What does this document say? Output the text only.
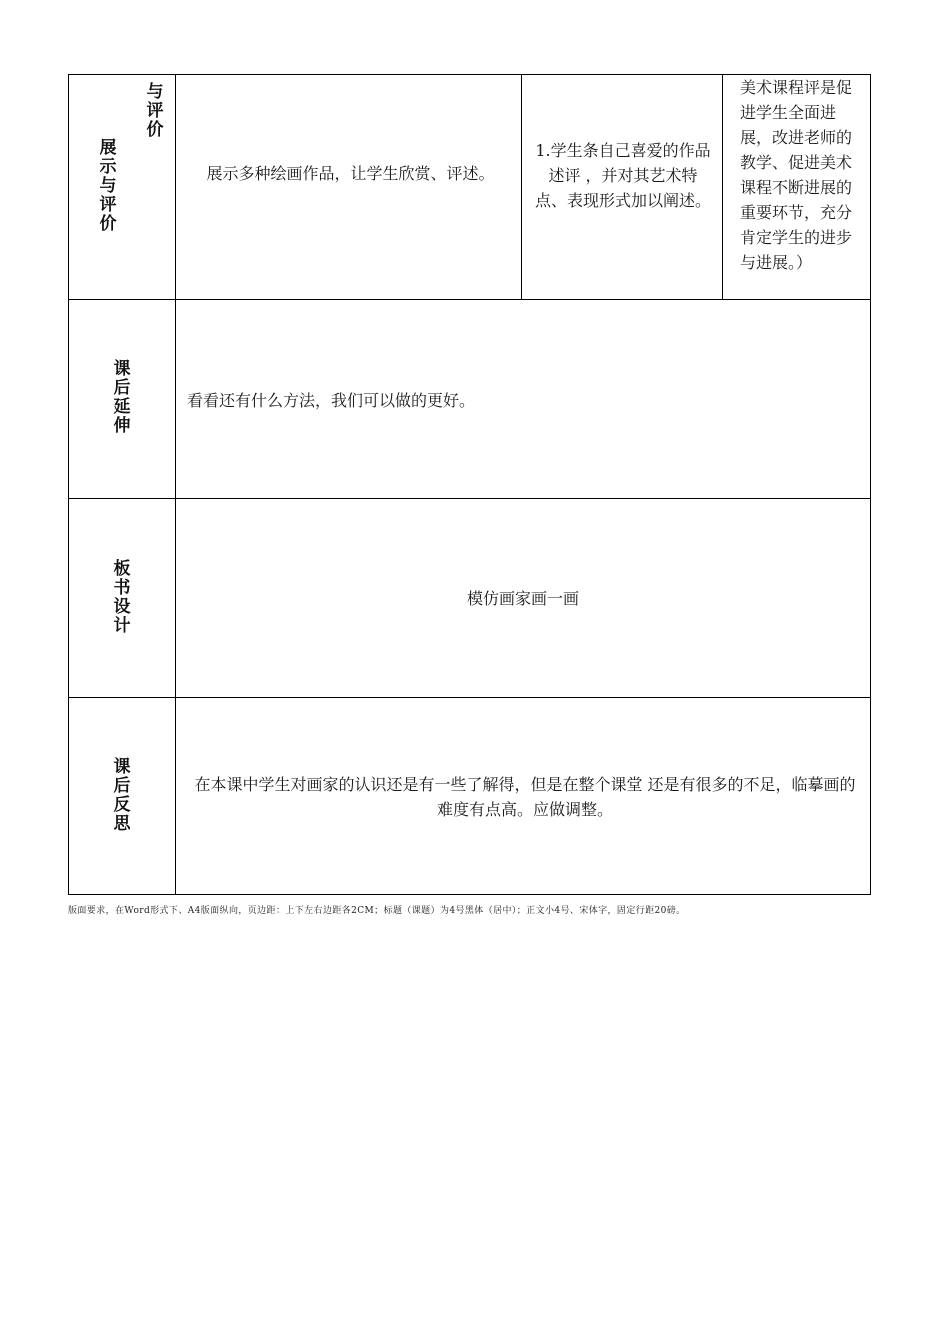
与评价
展示与评价
展示多种绘画作品，让学生欣赏、评述。
1.学生条自己喜爱的作品述评 ，并对其艺术特点、表现形式加以阐述。
美术课程评是促进学生全面进展，改进老师的教学、促进美术课程不断进展的重要环节，充分肯定学生的进步与进展。）
课后延伸
看看还有什么方法，我们可以做的更好。
板书设计
模仿画家画一画
课后反思
在本课中学生对画家的认识还是有一些了解得，但是在整个课堂 还是有很多的不足，临摹画的难度有点高。应做调整。
版面要求，在Word形式下、A4版面纵向，页边距：上下左右边距各2CM；标题（课题）为4号黑体（居中）；正文小4号、宋体字，固定行距20磅。
